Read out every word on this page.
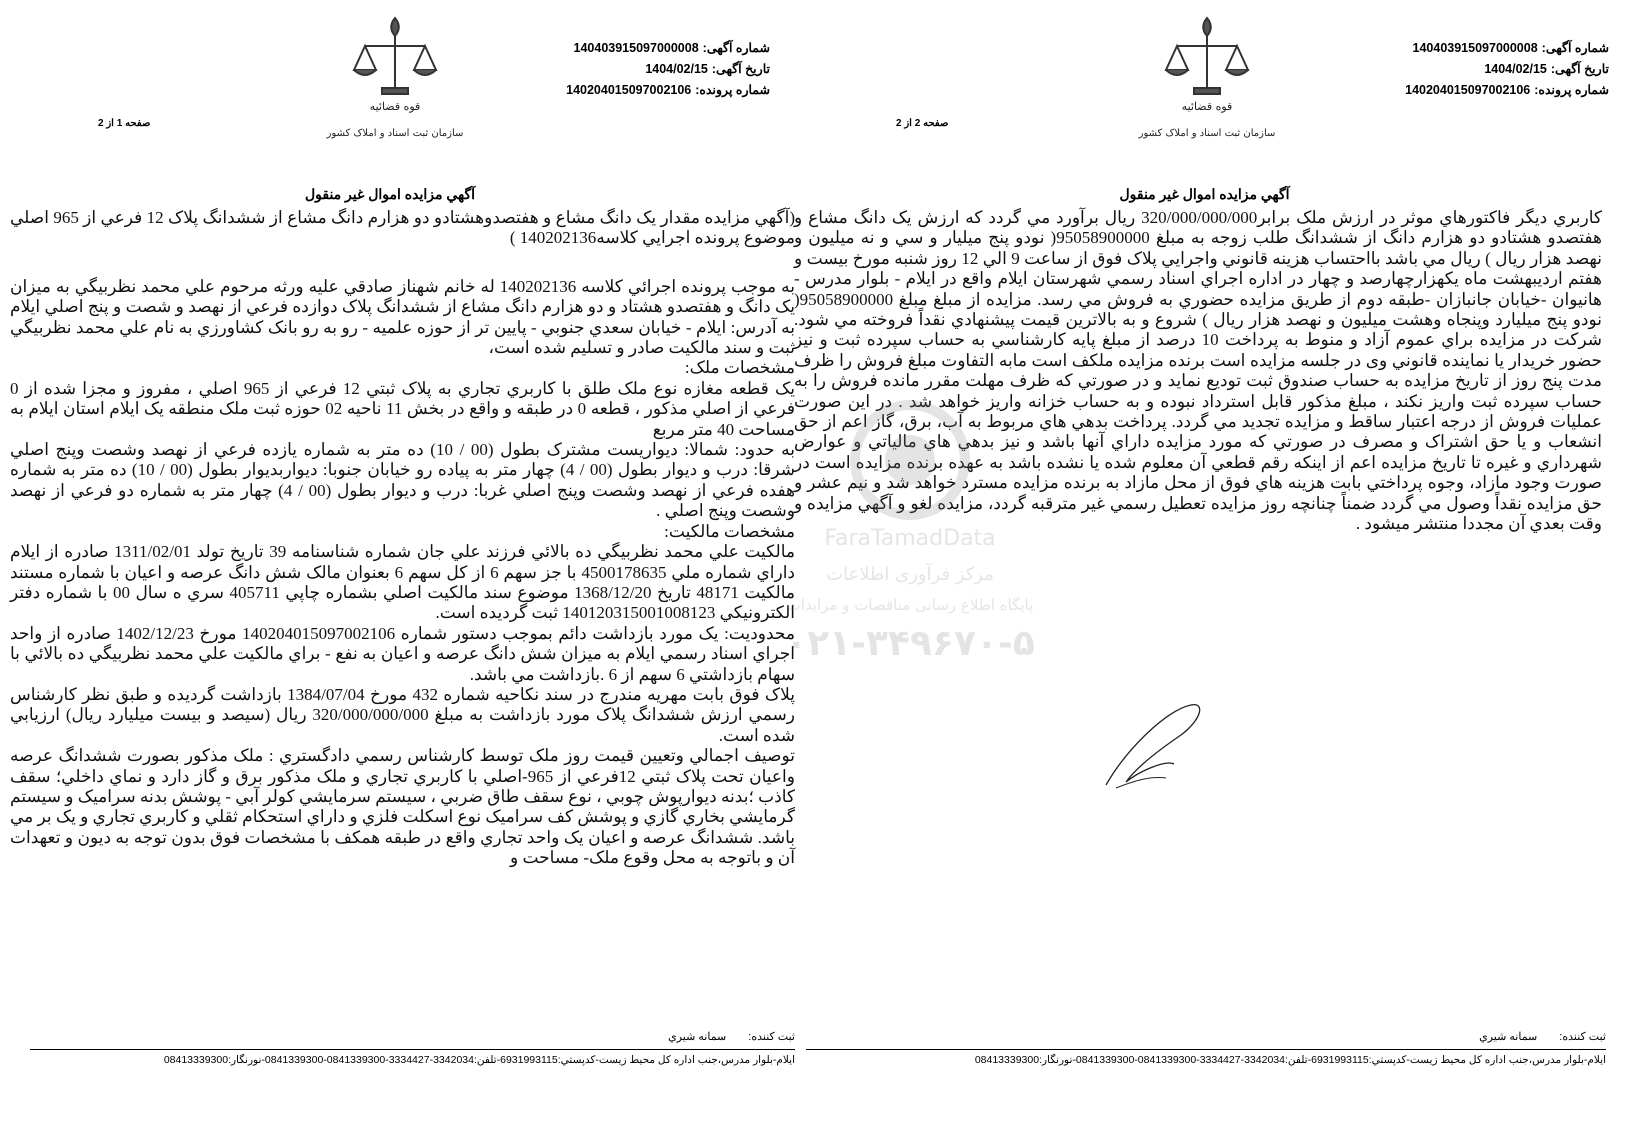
شماره آگهی:140403915097000008
تاریخ آگهی:1404/02/15
شماره پرونده:140204015097002106
قوه قضائیه
سازمان ثبت اسناد و املاک کشور
صفحه 1 از 2
آگهي مزايده اموال غير منقول

(آگهي مزايده مقدار يک دانگ مشاع و هفتصدوهشتادو دو هزارم دانگ مشاع از ششدانگ پلاک 12 فرعي از 965 اصلي موضوع پرونده اجرايي کلاسه140202136 )

به موجب پرونده اجرائي کلاسه 140202136 له خانم شهناز صادقي عليه ورثه مرحوم علي محمد نظربيگي به ميزان يک دانگ و هفتصدو هشتاد و دو هزارم دانگ مشاع از ششدانگ پلاک دوازده فرعي از نهصد و شصت و پنج اصلي ايلام به آدرس: ايلام - خيابان سعدي جنوبي - پايين تر از حوزه علميه - رو به رو بانک کشاورزي به نام علي محمد نظربيگي ثبت و سند مالکيت صادر و تسليم شده است،

مشخصات ملک:

يک قطعه مغازه نوع ملک طلق با کاربري تجاري به پلاک ثبتي 12 فرعي از 965 اصلي ، مفروز و مجزا شده از 0 فرعي از اصلي مذکور ، قطعه 0 در طبقه و واقع در بخش 11 ناحيه 02 حوزه ثبت ملک منطقه يک ايلام استان ايلام به مساحت 40 متر مربع

به حدود: شمالا: ديواريست مشترک بطول (00 / 10) ده متر به شماره يازده فرعي از نهصد وشصت وپنج اصلي شرقا: درب و ديوار بطول (00 / 4) چهار متر به پياده رو خيابان جنوبا: ديواربديوار بطول (00 / 10) ده متر به شماره هفده فرعي از نهصد وشصت وپنج اصلي غربا: درب و ديوار بطول (00 / 4) چهار متر به شماره دو فرعي از نهصد وشصت وپنج اصلي .

مشخصات مالکيت:

مالکيت علي محمد نظربيگي ده بالائي فرزند علي جان شماره شناسنامه 39 تاريخ تولد 1311/02/01 صادره از ايلام داراي شماره ملي 4500178635 با جز سهم 6 از کل سهم 6 بعنوان مالک شش دانگ عرصه و اعيان با شماره مستند مالکيت 48171 تاريخ 1368/12/20 موضوع سند مالکيت اصلي بشماره چاپي 405711 سري ه سال 00 با شماره دفتر الکترونيکي 140120315001008123 ثبت گرديده است.

محدوديت: يک مورد بازداشت دائم بموجب دستور شماره 140204015097002106 مورخ 1402/12/23 صادره از واحد اجراي اسناد رسمي ايلام به ميزان شش دانگ عرصه و اعيان به نفع - براي مالکيت علي محمد نظربيگي ده بالائي با سهام بازداشتي 6 سهم از 6 .بازداشت مي باشد.

پلاک فوق بابت مهريه مندرج در سند نکاحيه شماره 432 مورخ 1384/07/04 بازداشت گرديده و طبق نظر کارشناس رسمي ارزش ششدانگ پلاک مورد بازداشت به مبلغ 320/000/000/000 ريال (سيصد و بيست ميليارد ريال) ارزيابي شده است.

توصيف اجمالي وتعيين قيمت روز ملک توسط کارشناس رسمي دادگستري : ملک مذکور بصورت ششدانگ عرصه واعيان تحت پلاک ثبتي 12فرعي از 965-اصلي با کاربري تجاري و ملک مذکور برق و گاز دارد و نماي داخلي؛ سقف کاذب ؛بدنه ديوارپوش چوبي ، نوع سقف طاق ضربي ، سيستم سرمايشي کولر آبي - پوشش بدنه سراميک و سيستم گرمايشي بخاري گازي و پوشش کف سراميک نوع اسکلت فلزي و داراي استحکام ثقلي و کاربري تجاري و يک بر مي باشد. ششدانگ عرصه و اعيان يک واحد تجاري واقع در طبقه همکف با مشخصات فوق بدون توجه به ديون و تعهدات آن و باتوجه به محل وقوع ملک- مساحت و

ثبت کننده:سمانه شيري
ايلام-بلوار مدرس،جنب اداره کل محيط زيست-کدپستي:6931993115-تلفن:3342034-3334427-0841339300-0841339300-نورنگار:08413339300
شماره آگهی:140403915097000008
تاریخ آگهی:1404/02/15
شماره پرونده:140204015097002106
قوه قضائیه
سازمان ثبت اسناد و املاک کشور
صفحه 2 از 2
آگهي مزايده اموال غير منقول

کاربري ديگر فاکتورهاي موثر در ارزش ملک برابر320/000/000/000 ريال برآورد مي گردد که ارزش يک دانگ مشاع و هفتصدو هشتادو دو هزارم دانگ از ششدانگ طلب زوجه به مبلغ 95058900000( نودو پنج ميليار و سي و نه ميليون و نهصد هزار ريال ) ريال مي باشد بااحتساب هزينه قانوني واجرايي پلاک فوق از ساعت 9 الي 12 روز شنبه مورخ بيست و هفتم ارديبهشت ماه يکهزارچهارصد و چهار در اداره اجراي اسناد رسمي شهرستان ايلام واقع در ايلام - بلوار مدرس - هانيوان -خيابان جانبازان -طبقه دوم از طريق مزايده حضوري به فروش مي رسد. مزايده از مبلغ مبلغ 95058900000( نودو پنج ميليارد وپنجاه وهشت ميليون و نهصد هزار ريال ) شروع و به بالاترين قيمت پيشنهادي نقداً فروخته مي شود. شرکت در مزايده براي عموم آزاد و منوط به پرداخت 10 درصد از مبلغ پايه کارشناسي به حساب سپرده ثبت و نيز حضور خريدار يا نماينده قانوني وی در جلسه مزايده است برنده مزايده ملکف است مابه التفاوت مبلغ فروش را ظرف مدت پنج روز از تاريخ مزايده به حساب صندوق ثبت توديع نمايد و در صورتي که ظرف مهلت مقرر مانده فروش را به حساب سپرده ثبت واريز نکند ، مبلغ مذکور قابل استرداد نبوده و به حساب خزانه واريز خواهد شد . در اين صورت عمليات فروش از درجه اعتبار ساقط و مزايده تجديد مي گردد. پرداخت بدهي هاي مربوط به آب، برق، گاز اعم از حق انشعاب و يا حق اشتراک و مصرف در صورتي که مورد مزايده داراي آنها باشد و نيز بدهي هاي مالياتي و عوارض شهرداري و غيره تا تاريخ مزايده اعم از اينکه رقم قطعي آن معلوم شده يا نشده باشد به عهده برنده مزايده است در صورت وجود مازاد، وجوه پرداختي بابت هزينه هاي فوق از محل مازاد به برنده مزايده مسترد خواهد شد و نيم عشر و حق مزايده نقداً وصول مي گردد ضمناً چنانچه روز مزايده تعطيل رسمي غير مترقبه گردد، مزايده لغو و آگهي مزايده و وقت بعدي آن مجددا منتشر ميشود .

ثبت کننده:سمانه شيري
ايلام-بلوار مدرس،جنب اداره کل محيط زيست-کدپستي:6931993115-تلفن:3342034-3334427-0841339300-0841339300-نورنگار:08413339300
FaraTamadData
مرکز فرآوری اطلاعات
پایگاه اطلاع رسانی مناقصات و مزایدات
۰۲۱-۳۴۹۶۷۰-۵
